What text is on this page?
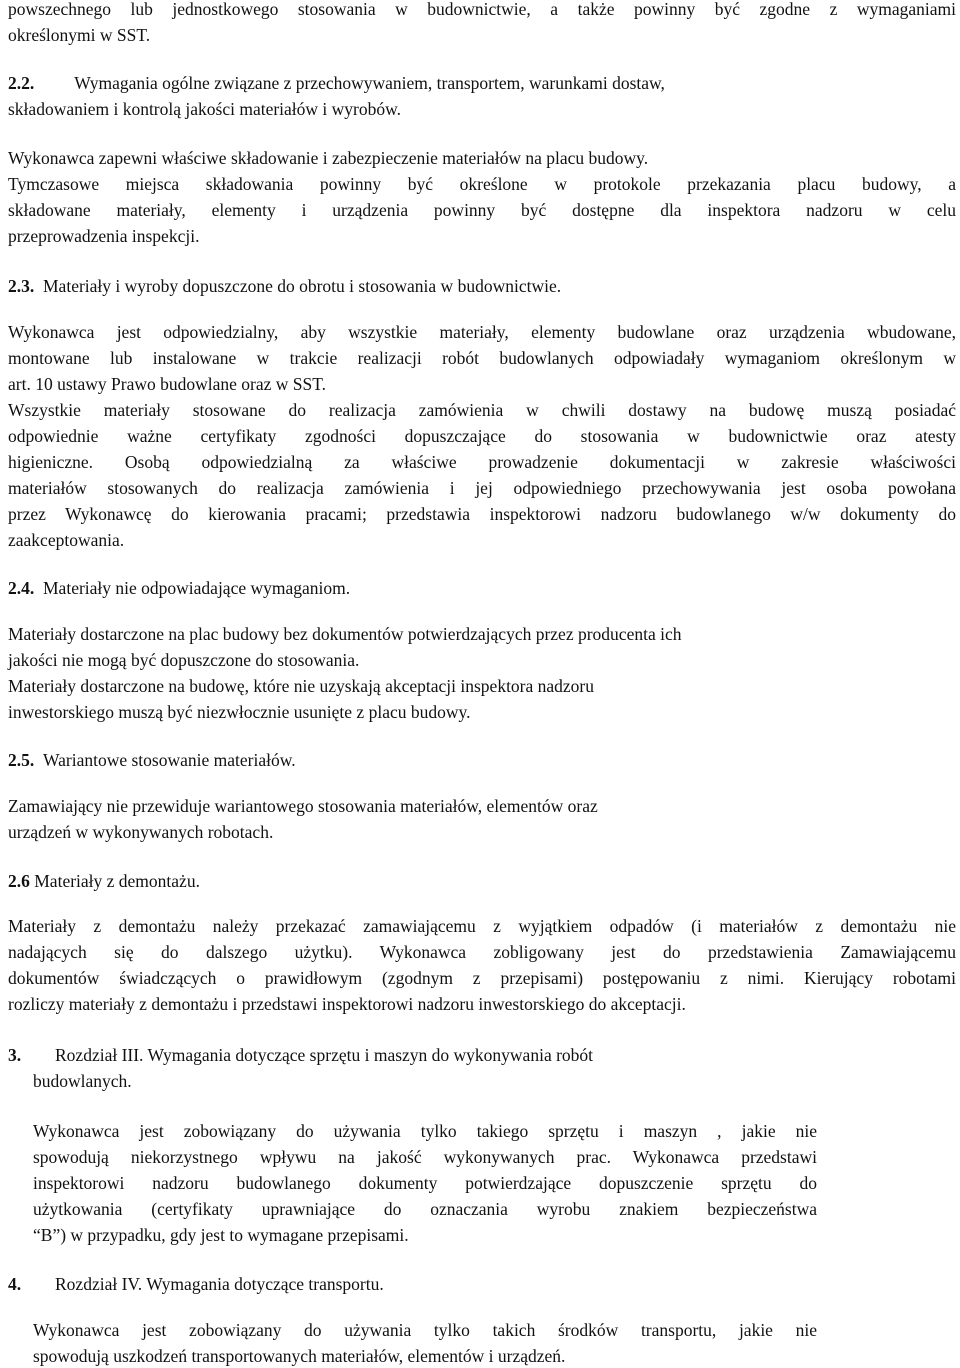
powszechnego lub jednostkowego stosowania w budownictwie, a także powinny być zgodne z wymaganiami
określonymi w SST.
2.2. Wymagania ogólne związane z przechowywaniem, transportem, warunkami dostaw,
składowaniem i kontrolą jakości materiałów i wyrobów.
Wykonawca zapewni właściwe składowanie i zabezpieczenie materiałów na placu budowy.
Tymczasowe miejsca składowania powinny być określone w protokole przekazania placu budowy, a
składowane materiały, elementy i urządzenia powinny być dostępne dla inspektora nadzoru w celu
przeprowadzenia inspekcji.
2.3. Materiały i wyroby dopuszczone do obrotu i stosowania w budownictwie.
Wykonawca jest odpowiedzialny, aby wszystkie materiały, elementy budowlane oraz urządzenia wbudowane,
montowane lub instalowane w trakcie realizacji robót budowlanych odpowiadały wymaganiom określonym w
art. 10 ustawy Prawo budowlane oraz w SST.
Wszystkie materiały stosowane do realizacja zamówienia w chwili dostawy na budowę muszą posiadać
odpowiednie ważne certyfikaty zgodności dopuszczające do stosowania w budownictwie oraz atesty
higieniczne. Osobą odpowiedzialną za właściwe prowadzenie dokumentacji w zakresie właściwości
materiałów stosowanych do realizacja zamówienia i jej odpowiedniego przechowywania jest osoba powołana
przez Wykonawcę do kierowania pracami; przedstawia inspektorowi nadzoru budowlanego w/w dokumenty do
zaakceptowania.
2.4. Materiały nie odpowiadające wymaganiom.
Materiały dostarczone na plac budowy bez dokumentów potwierdzających przez producenta ich
jakości nie mogą być dopuszczone do stosowania.
Materiały dostarczone na budowę, które nie uzyskają akceptacji inspektora nadzoru
inwestorskiego muszą być niezwłocznie usunięte z placu budowy.
2.5. Wariantowe stosowanie materiałów.
Zamawiający nie przewiduje wariantowego stosowania materiałów, elementów oraz
urządzeń w wykonywanych robotach.
2.6 Materiały z demontażu.
Materiały z demontażu należy przekazać zamawiającemu z wyjątkiem odpadów (i materiałów z demontażu nie
nadających się do dalszego użytku). Wykonawca zobligowany jest do przedstawienia Zamawiającemu
dokumentów świadczących o prawidłowym (zgodnym z przepisami) postępowaniu z nimi. Kierujący robotami
rozliczy materiały z demontażu i przedstawi inspektorowi nadzoru inwestorskiego do akceptacji.
3. Rozdział III. Wymagania dotyczące sprzętu i maszyn do wykonywania robót
budowlanych.
Wykonawca jest zobowiązany do używania tylko takiego sprzętu i maszyn , jakie nie
spowodują niekorzystnego wpływu na jakość wykonywanych prac. Wykonawca przedstawi
inspektorowi nadzoru budowlanego dokumenty potwierdzające dopuszczenie sprzętu do
użytkowania (certyfikaty uprawniające do oznaczania wyrobu znakiem bezpieczeństwa
“B”) w przypadku, gdy jest to wymagane przepisami.
4. Rozdział IV. Wymagania dotyczące transportu.
Wykonawca jest zobowiązany do używania tylko takich środków transportu, jakie nie
spowodują uszkodzeń transportowanych materiałów, elementów i urządzeń.
